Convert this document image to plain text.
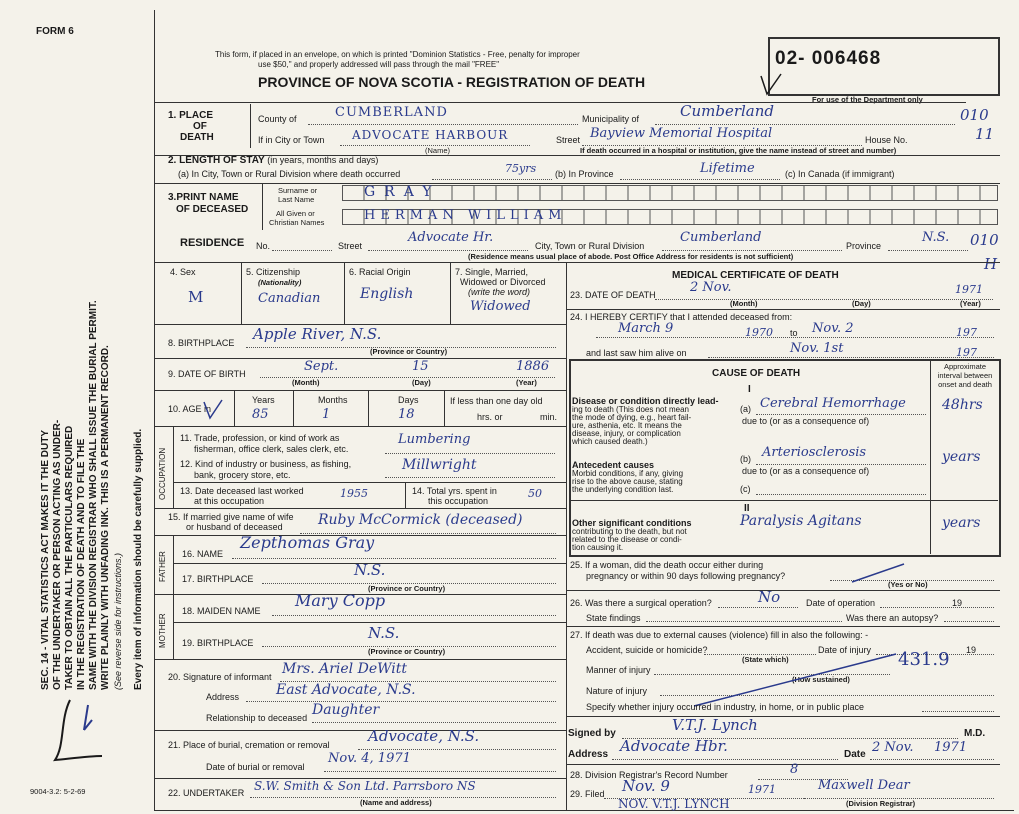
FORM 6
SEC. 14 - VITAL STATISTICS ACT MAKES IT THE DUTY OF THE UNDERTAKER OR PERSON ACTING AS UNDER- TAKER TO OBTAIN ALL THE PARTICULARS REQUIRED IN THE REGISTRATION OF DEATH AND TO FILE THE SAME WITH THE DIVISION REGISTRAR WHO SHALL ISSUE THE BURIAL PERMIT. WRITE PLAINLY WITH UNFADING INK. THIS IS A PERMANENT RECORD. (See reverse side for instructions.) Every item of information should be carefully supplied.
9004-3.2: 5-2-69
This form, if placed in an envelope, on which is printed "Dominion Statistics - Free, penalty for improper
use $50," and properly addressed will pass through the mail "FREE"
PROVINCE OF NOVA SCOTIA - REGISTRATION OF DEATH
02- 006468
For use of the Department only
010
11
1. PLACE
OF
DEATH
County of	CUMBERLAND	Municipality of	Cumberland
If in City or Town ADVOCATE HARBOUR
(Name)
Street Bayview Memorial Hospital	House No.
If death occurred in a hospital or institution, give the name instead of street and number)
2. LENGTH OF STAY (in years, months and days)
(a) In City, Town or Rural Division where death occurred	75yrs (b) In Province	Lifetime	(c) In Canada (if immigrant)
3.PRINT NAME
OF DECEASED
Surname or
Last Name
All Given or
Christian Names
GRAY
HERMAN WILLIAM
RESIDENCE No.	Street
Advocate Hr.
City, Town or Rural Division
Cumberland
Province
N.S. 010
(Residence means usual place of abode. Post Office Address for residents is not sufficient)	H
4. Sex
M
5. Citizenship
(Nationality)
Canadian
6. Racial Origin
English
7. Single, Married,
Widowed or Divorced
(write the word)
Widowed
8. BIRTHPLACE Apple River, N.S.
(Province or Country)
9. DATE OF BIRTH	Sept.	15	1886
(Month)	(Day)	(Year)
10. AGE in
Years	Months	Days
85	1	18
If less than one day old
hrs. or	min.
OCCUPATION
11. Trade, profession, or kind of work as
fisherman, office clerk, sales clerk, etc.
Lumbering
12. Kind of industry or business, as fishing,
bank, grocery store, etc.
Millwright
13. Date deceased last worked
at this occupation
1955	14. Total yrs. spent in
this occupation
50
15. If married give name of wife
or husband of deceased	Ruby McCormick (deceased)
FATHER 16. NAME
Zepthomas Gray
17. BIRTHPLACE	N.S.
(Province or Country)
MOTHER
18. MAIDEN NAME
Mary Copp
19. BIRTHPLACE
N.S.
(Province or Country)
20. Signature of informant Mrs. Ariel DeWitt
Address	East Advocate, N.S.
Relationship to deceased Daughter
21. Place of burial, cremation or removal	Advocate, N.S.
Date of burial or removal
Nov. 4, 1971
22. UNDERTAKER S.W. Smith & Son Ltd. Parrsboro NS
(Name and address)
MEDICAL CERTIFICATE OF DEATH
23. DATE OF DEATH	2 Nov.	1971
(Month)	(Day)	(Year)
24. I HEREBY CERTIFY that I attended deceased from:
March 9	1970 to Nov. 2	197
and last saw him alive on	Nov. 1st	197
CAUSE OF DEATH
Approximate interval between onset and death
I
Disease or condition directly lead-
ing to death (This does not mean
the mode of dying, e.g., heart fail-
ure, asthenia, etc. It means the
disease, injury, or complication
which caused death.)
(a) Cerebral Hemorrhage	48hrs
due to (or as a consequence of)
Antecedent causes
Morbid conditions, if any, giving
rise to the above cause, stating
the underlying condition last.
(b) Arteriosclerosis	years
due to (or as a consequence of)
(c)
II
Other significant conditions
contributing to the death, but not
related to the disease or condi-
tion causing it.
Paralysis Agitans	years
25. If a woman, did the death occur either during
pregnancy or within 90 days following pregnancy?
(Yes or No)
26. Was there a surgical operation?	No	Date of operation	19
State findings	Was there an autopsy?
27. If death was due to external causes (violence) fill in also the following: -
Accident, suicide or homicide?	Date of injury	19
(State which)	431.9
Manner of injury
(How sustained)
Nature of injury
Specify whether injury occurred in industry, in home, or in public place
Signed by	V.T.J. Lynch	M.D.
Address Advocate Hbr.	Date 2 Nov. 1971
28. Division Registrar's Record Number	8
29. Filed Nov. 9	1971	Maxwell Dear
(Division Registrar)
NOV. V.T.J. LYNCH
